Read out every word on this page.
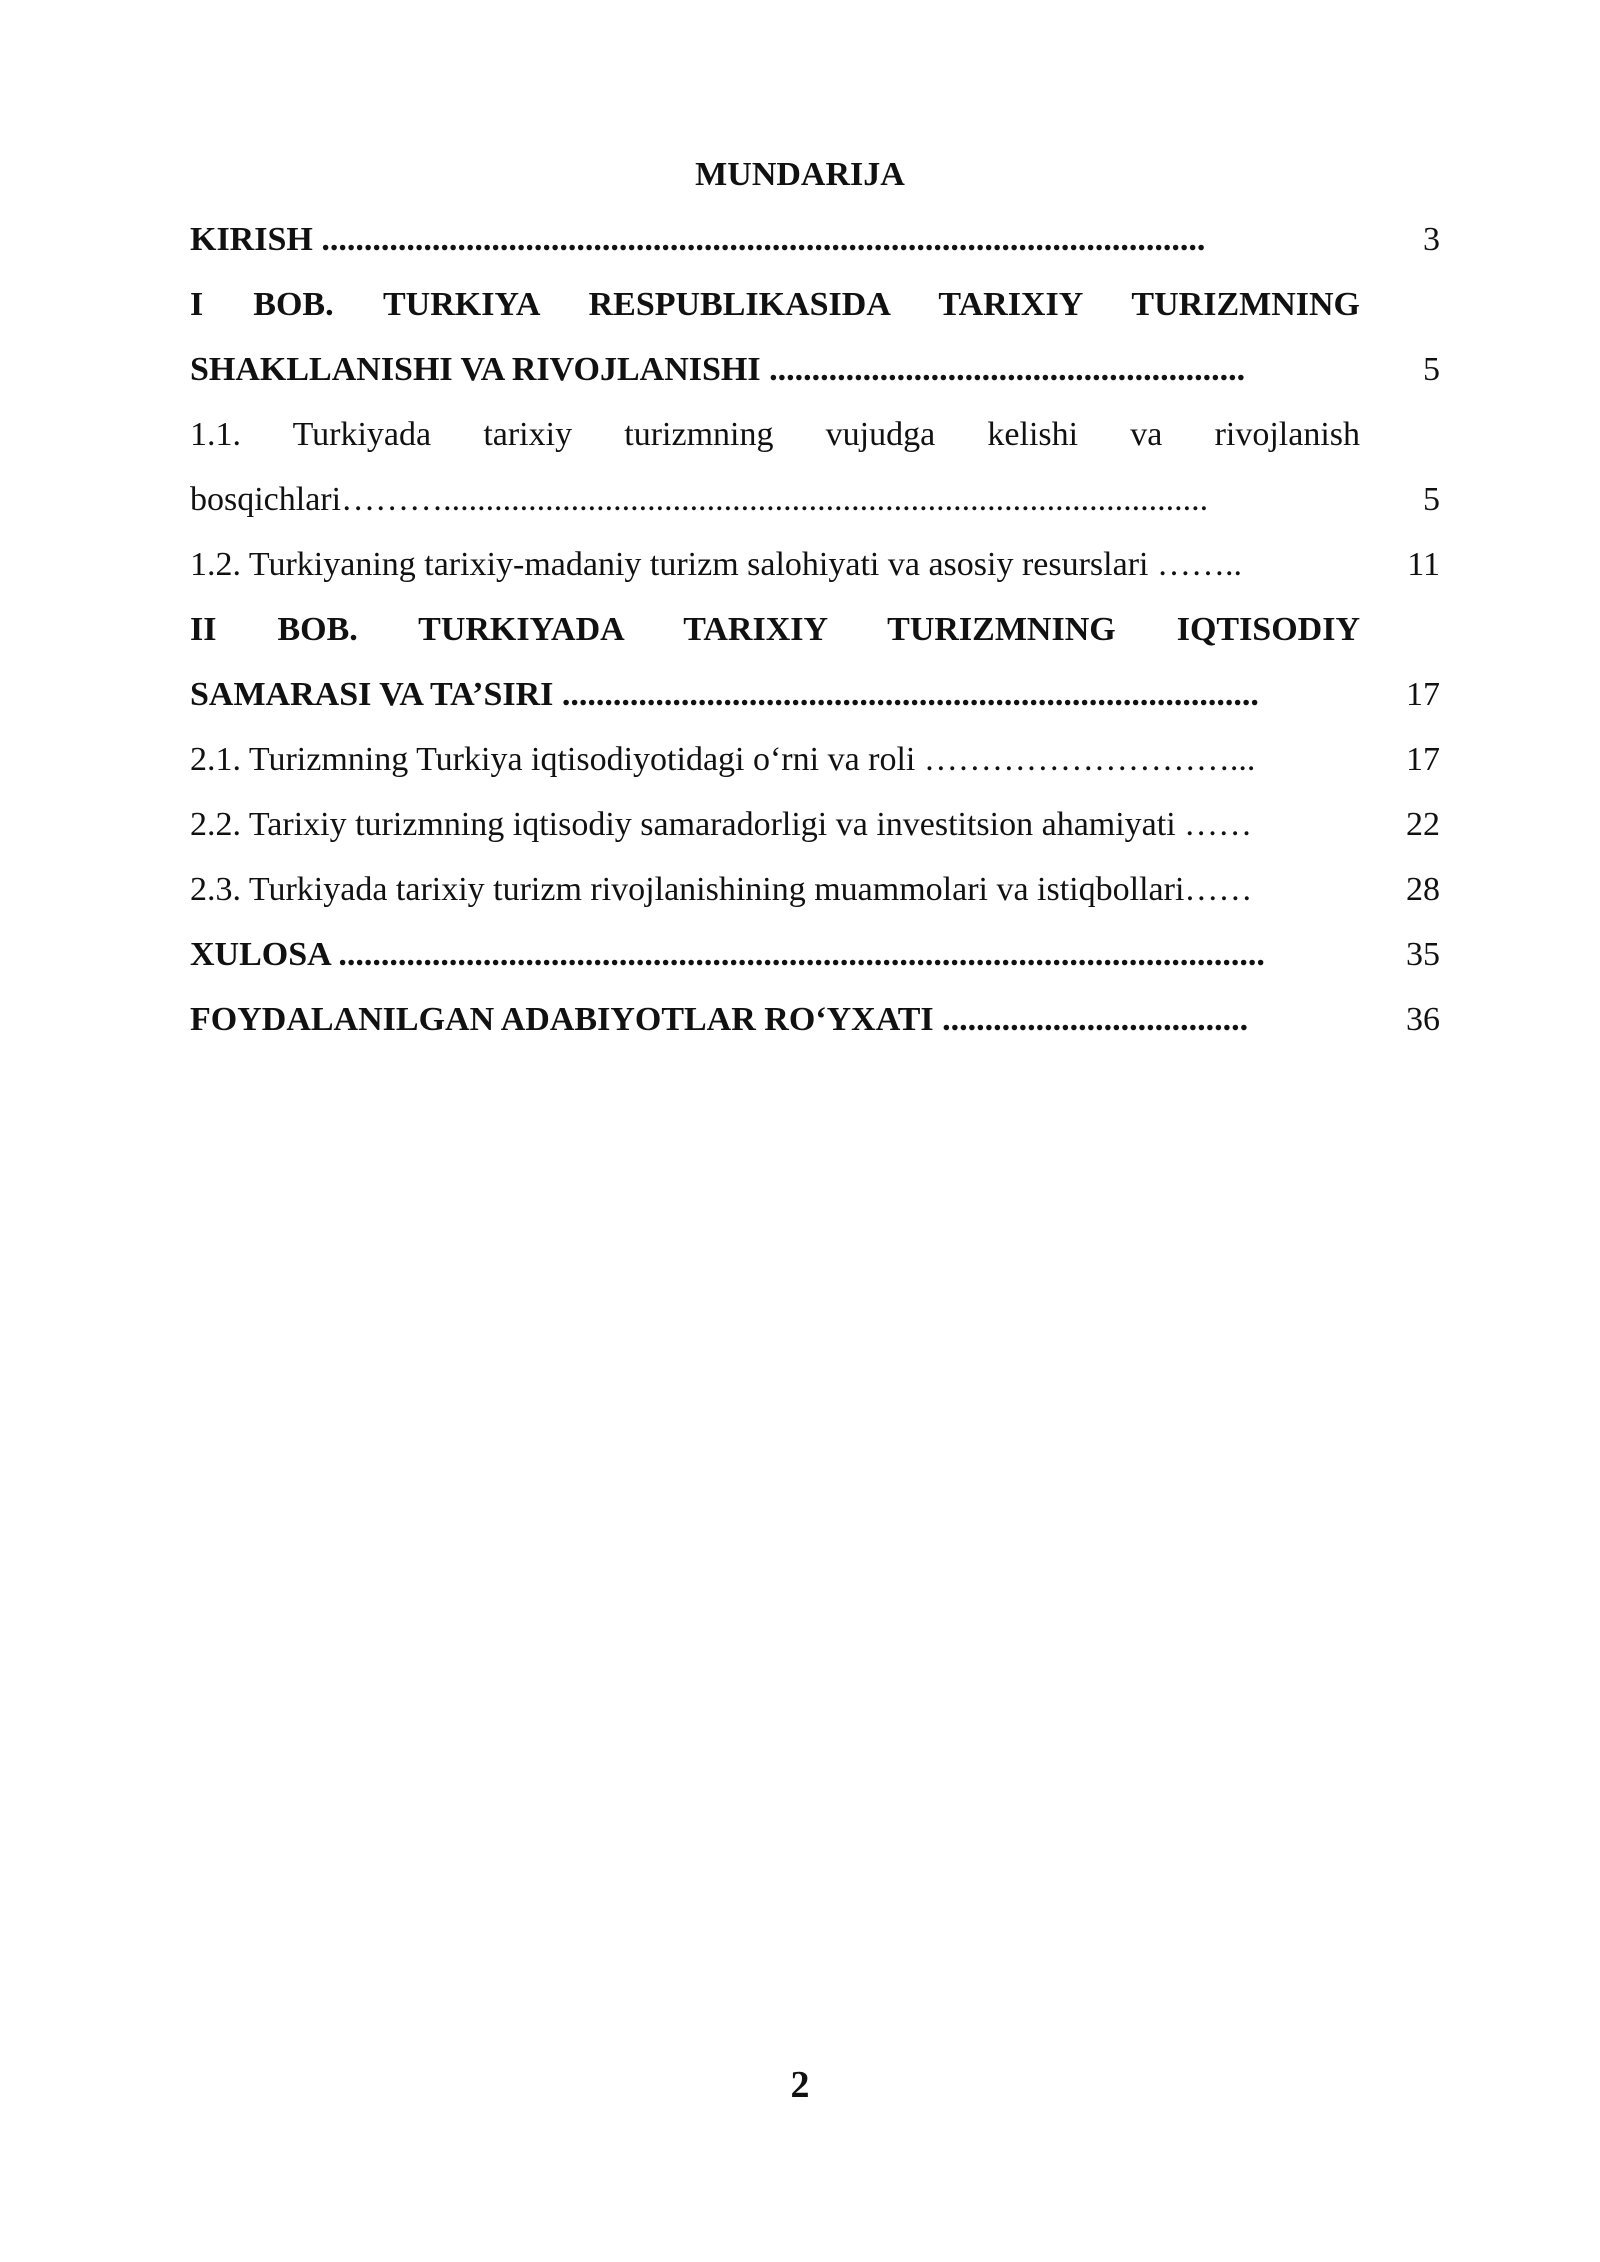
MUNDARIJA
KIRISH ........................................................................................................	3
I BOB. TURKIYA RESPUBLIKASIDA TARIXIY TURIZMNING
SHAKLLANISHI VA RIVOJLANISHI ........................................................	5
1.1. Turkiyada tarixiy turizmning vujudga kelishi va rivojlanish
bosqichlari………..........................................................................................	5
1.2. Turkiyaning tarixiy-madaniy turizm salohiyati va asosiy resurslari ……..	11
II BOB. TURKIYADA TARIXIY TURIZMNING IQTISODIY
SAMARASI VA TA’SIRI ..................................................................................	17
2.1. Turizmning Turkiya iqtisodiyotidagi o‘rni va roli ………………………...	17
2.2. Tarixiy turizmning iqtisodiy samaradorligi va investitsion ahamiyati ……	22
2.3. Turkiyada tarixiy turizm rivojlanishining muammolari va istiqbollari……	28
XULOSA .............................................................................................................	35
FOYDALANILGAN ADABIYOTLAR RO‘YXATI ....................................	36
2
